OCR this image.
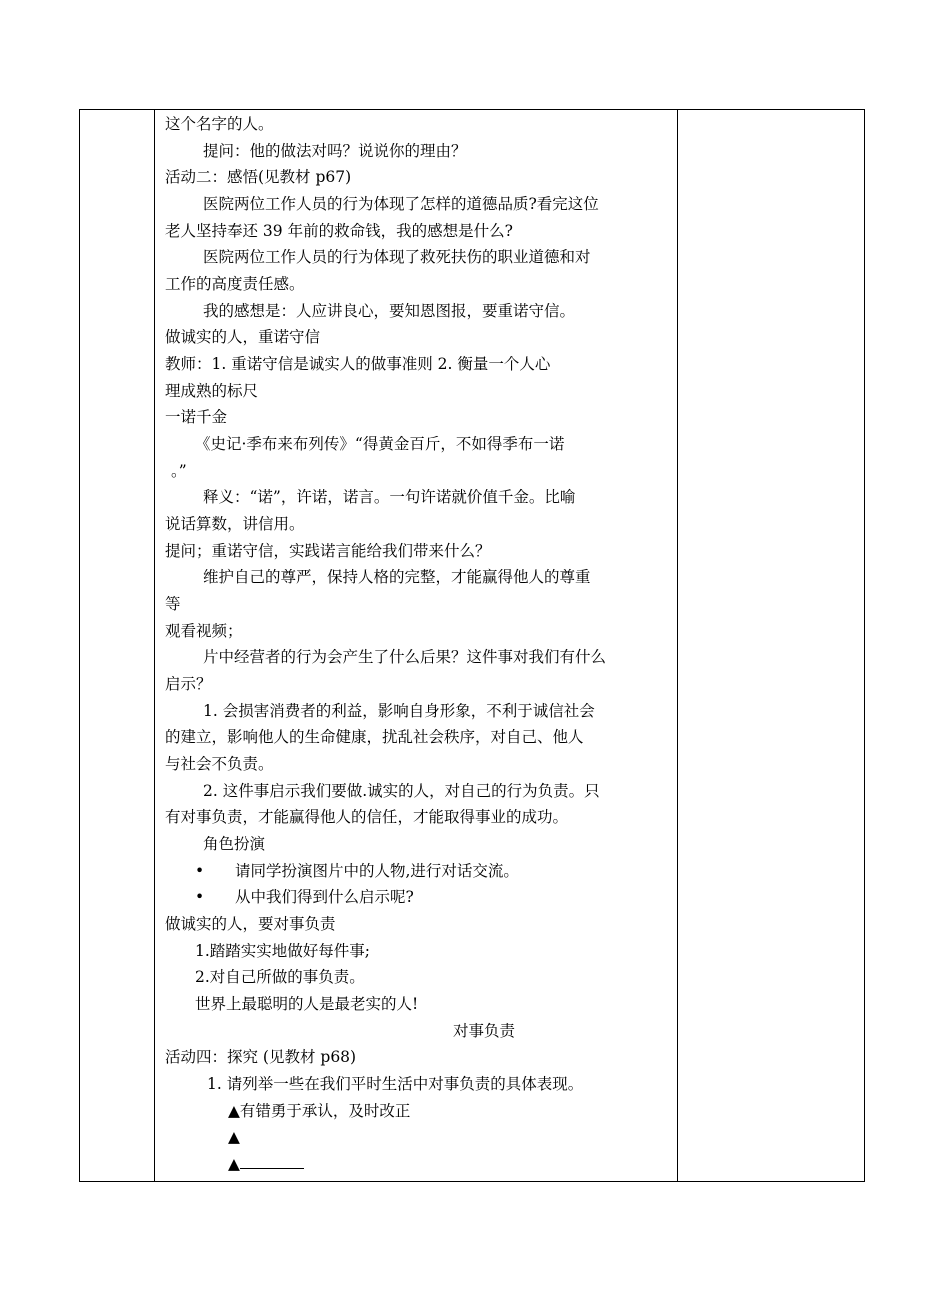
这个名字的人。
提问：他的做法对吗？说说你的理由？
活动二：感悟(见教材 p67)
医院两位工作人员的行为体现了怎样的道德品质?看完这位
老人坚持奉还 39 年前的救命钱，我的感想是什么?
医院两位工作人员的行为体现了救死扶伤的职业道德和对
工作的高度责任感。
我的感想是：人应讲良心，要知恩图报，要重诺守信。
做诚实的人，重诺守信
教师：1. 重诺守信是诚实人的做事准则 2. 衡量一个人心
理成熟的标尺
一诺千金
《史记·季布来布列传》“得黄金百斤，不如得季布一诺
。”
释义：“诺”，许诺，诺言。一句许诺就价值千金。比喻
说话算数，讲信用。
提问；重诺守信，实践诺言能给我们带来什么？
维护自己的尊严，保持人格的完整，才能赢得他人的尊重
等
观看视频；
片中经营者的行为会产生了什么后果？这件事对我们有什么
启示？
1. 会损害消费者的利益，影响自身形象，不利于诚信社会
的建立，影响他人的生命健康，扰乱社会秩序，对自己、他人
与社会不负责。
2. 这件事启示我们要做.诚实的人，对自己的行为负责。只
有对事负责，才能赢得他人的信任，才能取得事业的成功。
角色扮演
• 请同学扮演图片中的人物,进行对话交流。
• 从中我们得到什么启示呢?
做诚实的人，要对事负责
1.踏踏实实地做好每件事;
2.对自己所做的事负责。
世界上最聪明的人是最老实的人!
对事负责
活动四：探究 (见教材 p68)
1. 请列举一些在我们平时生活中对事负责的具体表现。
▲有错勇于承认，及时改正
▲
▲
